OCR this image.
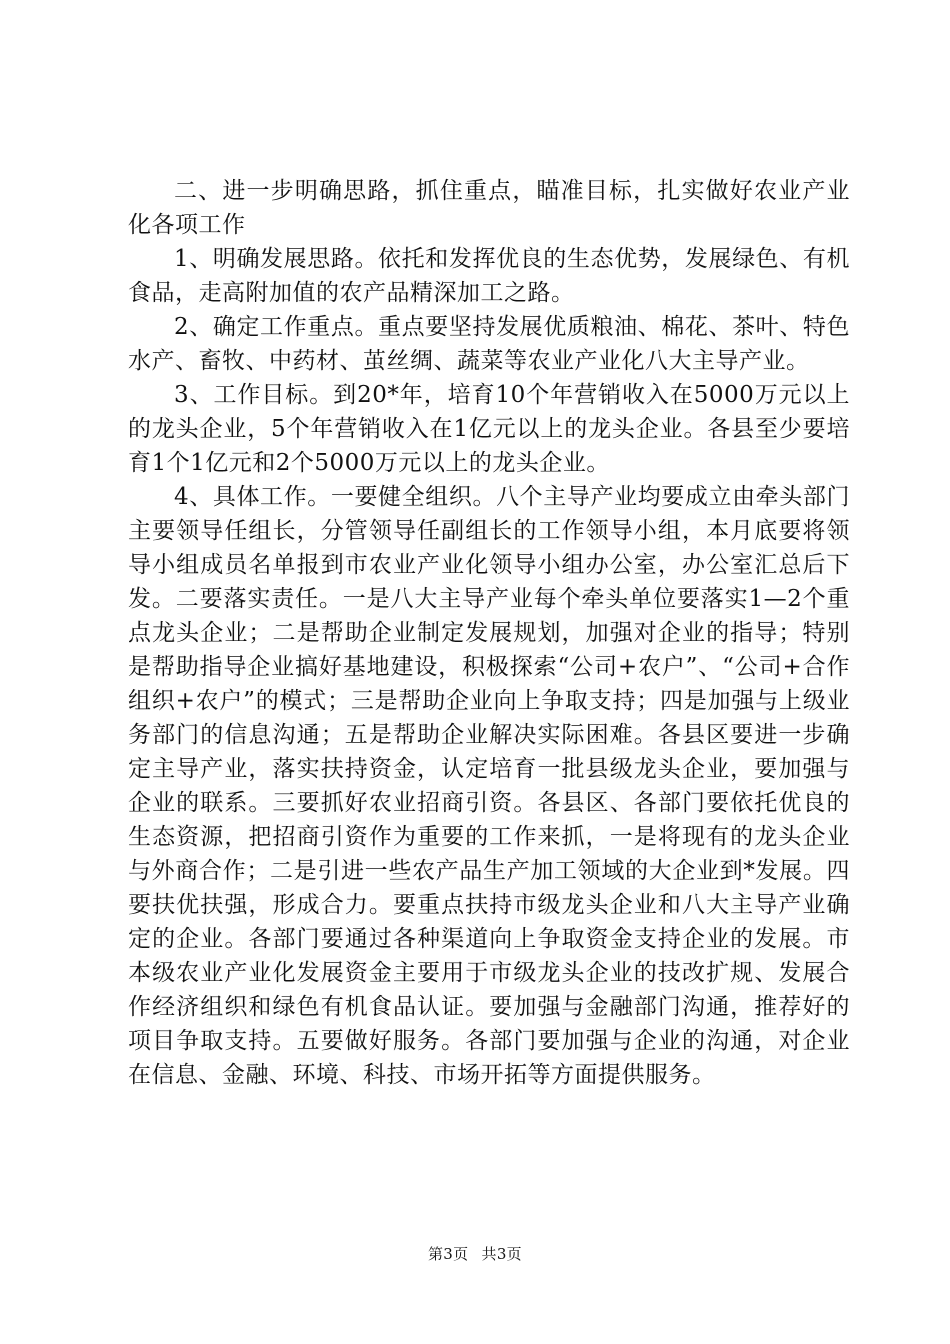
二、进一步明确思路，抓住重点，瞄准目标，扎实做好农业产业化各项工作

1、明确发展思路。依托和发挥优良的生态优势，发展绿色、有机食品，走高附加值的农产品精深加工之路。

2、确定工作重点。重点要坚持发展优质粮油、棉花、茶叶、特色水产、畜牧、中药材、茧丝绸、蔬菜等农业产业化八大主导产业。

3、工作目标。到20*年，培育10个年营销收入在5000万元以上的龙头企业，5个年营销收入在1亿元以上的龙头企业。各县至少要培育1个1亿元和2个5000万元以上的龙头企业。

4、具体工作。一要健全组织。八个主导产业均要成立由牵头部门主要领导任组长，分管领导任副组长的工作领导小组，本月底要将领导小组成员名单报到市农业产业化领导小组办公室，办公室汇总后下发。二要落实责任。一是八大主导产业每个牵头单位要落实1—2个重点龙头企业；二是帮助企业制定发展规划，加强对企业的指导；特别是帮助指导企业搞好基地建设，积极探索“公司+农户”、“公司+合作组织+农户”的模式；三是帮助企业向上争取支持；四是加强与上级业务部门的信息沟通；五是帮助企业解决实际困难。各县区要进一步确定主导产业，落实扶持资金，认定培育一批县级龙头企业，要加强与企业的联系。三要抓好农业招商引资。各县区、各部门要依托优良的生态资源，把招商引资作为重要的工作来抓，一是将现有的龙头企业与外商合作；二是引进一些农产品生产加工领域的大企业到*发展。四要扶优扶强，形成合力。要重点扶持市级龙头企业和八大主导产业确定的企业。各部门要通过各种渠道向上争取资金支持企业的发展。市本级农业产业化发展资金主要用于市级龙头企业的技改扩规、发展合作经济组织和绿色有机食品认证。要加强与金融部门沟通，推荐好的项目争取支持。五要做好服务。各部门要加强与企业的沟通，对企业在信息、金融、环境、科技、市场开拓等方面提供服务。

第3页 共3页
